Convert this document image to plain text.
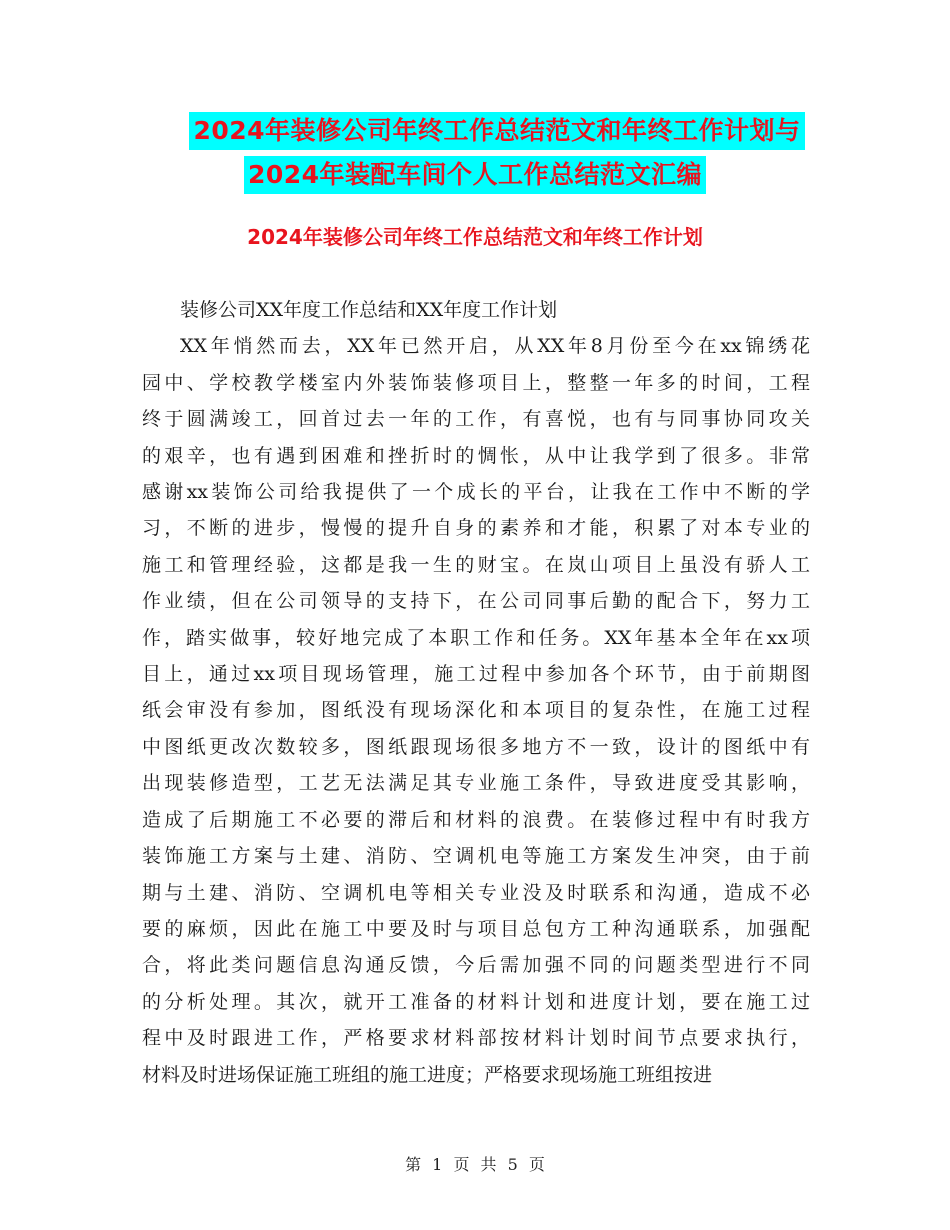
2024年装修公司年终工作总结范文和年终工作计划与
2024年装配车间个人工作总结范文汇编
2024年装修公司年终工作总结范文和年终工作计划

装修公司XX年度工作总结和XX年度工作计划

XX年悄然而去，XX年已然开启，从XX年8月份至今在xx锦绣花
园中、学校教学楼室内外装饰装修项目上，整整一年多的时间，工程
终于圆满竣工，回首过去一年的工作，有喜悦，也有与同事协同攻关
的艰辛，也有遇到困难和挫折时的惆怅，从中让我学到了很多。非常
感谢xx装饰公司给我提供了一个成长的平台，让我在工作中不断的学
习，不断的进步，慢慢的提升自身的素养和才能，积累了对本专业的
施工和管理经验，这都是我一生的财宝。在岚山项目上虽没有骄人工
作业绩，但在公司领导的支持下，在公司同事后勤的配合下，努力工
作，踏实做事，较好地完成了本职工作和任务。XX年基本全年在xx项
目上，通过xx项目现场管理，施工过程中参加各个环节，由于前期图
纸会审没有参加，图纸没有现场深化和本项目的复杂性，在施工过程
中图纸更改次数较多，图纸跟现场很多地方不一致，设计的图纸中有
出现装修造型，工艺无法满足其专业施工条件，导致进度受其影响，
造成了后期施工不必要的滞后和材料的浪费。在装修过程中有时我方
装饰施工方案与土建、消防、空调机电等施工方案发生冲突，由于前
期与土建、消防、空调机电等相关专业没及时联系和沟通，造成不必
要的麻烦，因此在施工中要及时与项目总包方工种沟通联系，加强配
合，将此类问题信息沟通反馈，今后需加强不同的问题类型进行不同
的分析处理。其次，就开工准备的材料计划和进度计划，要在施工过
程中及时跟进工作，严格要求材料部按材料计划时间节点要求执行，
材料及时进场保证施工班组的施工进度；严格要求现场施工班组按进

第 1 页 共 5 页
